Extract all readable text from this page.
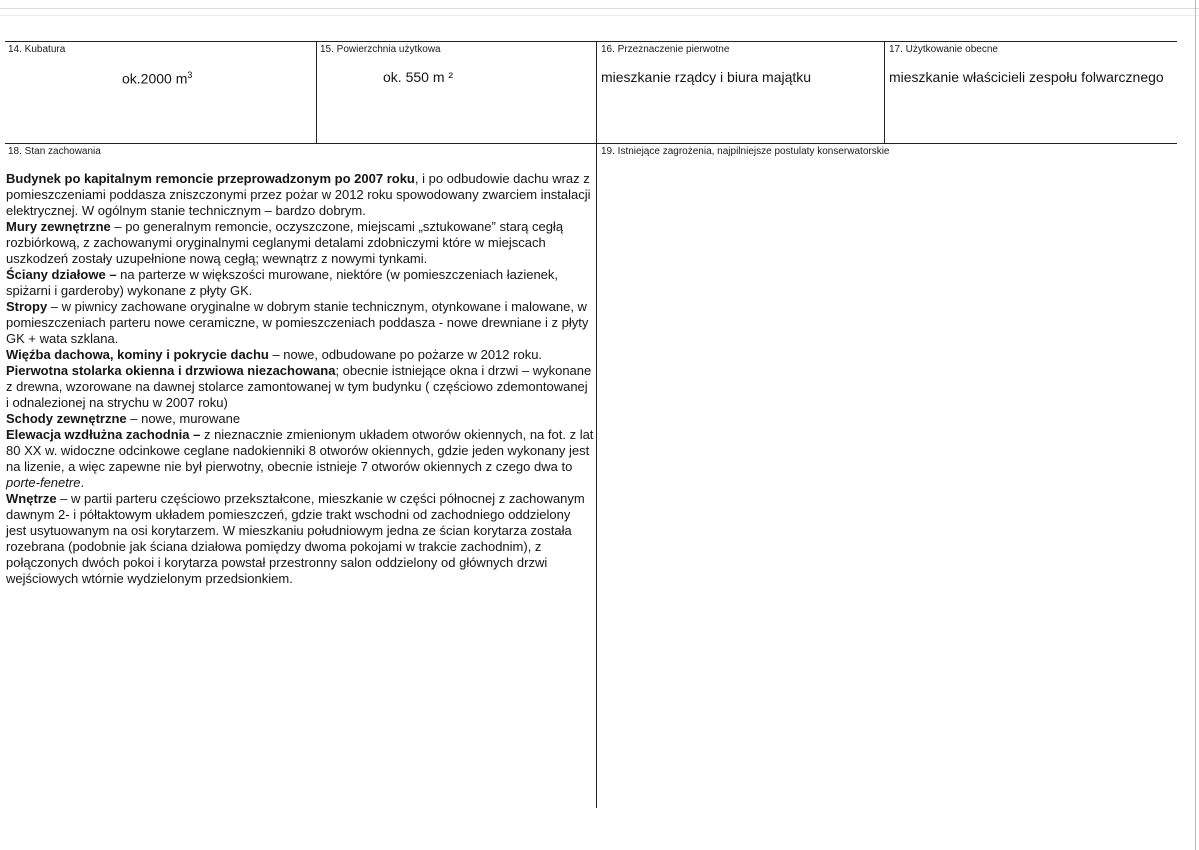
14. Kubatura
ok.2000 $m^3$
15. Powierzchnia użytkowa
ok. 550 m ²
16. Przeznaczenie pierwotne
mieszkanie rządcy i biura majątku
17. Użytkowanie obecne
mieszkanie właścicieli zespołu folwarcznego
18. Stan zachowania	19. Istniejące zagrożenia, najpilniejsze postulaty konserwatorskie

Budynek po kapitalnym remoncie przeprowadzonym po 2007 roku, i po odbudowie dachu wraz z pomieszczeniami poddasza zniszczonymi przez pożar w 2012 roku spowodowany zwarciem instalacji elektrycznej. W ogólnym stanie technicznym – bardzo dobrym.

Mury zewnętrzne – po generalnym remoncie, oczyszczone, miejscami „sztukowane” starą cegłą rozbiórkową, z zachowanymi oryginalnymi ceglanymi detalami zdobniczymi które w miejscach uszkodzeń zostały uzupełnione nową cegłą; wewnątrz z nowymi tynkami.

Ściany działowe – na parterze w większości murowane, niektóre (w pomieszczeniach łazienek, spiżarni i garderoby) wykonane z płyty GK.

Stropy – w piwnicy zachowane oryginalne w dobrym stanie technicznym, otynkowane i malowane, w pomieszczeniach parteru nowe ceramiczne, w pomieszczeniach poddasza - nowe drewniane i z płyty GK + wata szklana.

Więźba dachowa, kominy i pokrycie dachu – nowe, odbudowane po pożarze w 2012 roku.

Pierwotna stolarka okienna i drzwiowa niezachowana; obecnie istniejące okna i drzwi – wykonane z drewna, wzorowane na dawnej stolarce zamontowanej w tym budynku ( częściowo zdemontowanej i odnalezionej na strychu w 2007 roku)

Schody zewnętrzne – nowe, murowane

Elewacja wzdłużna zachodnia – z nieznacznie zmienionym układem otworów okiennych, na fot. z lat 80 XX w. widoczne odcinkowe ceglane nadokienniki 8 otworów okiennych, gdzie jeden wykonany jest na lizenie, a więc zapewne nie był pierwotny, obecnie istnieje 7 otworów okiennych z czego dwa to porte-fenetre.

Wnętrze – w partii parteru częściowo przekształcone, mieszkanie w części północnej z zachowanym dawnym 2- i półtaktowym układem pomieszczeń, gdzie trakt wschodni od zachodniego oddzielony jest usytuowanym na osi korytarzem. W mieszkaniu południowym jedna ze ścian korytarza została rozebrana (podobnie jak ściana działowa pomiędzy dwoma pokojami w trakcie zachodnim), z połączonych dwóch pokoi i korytarza powstał przestronny salon oddzielony od głównych drzwi wejściowych wtórnie wydzielonym przedsionkiem.
